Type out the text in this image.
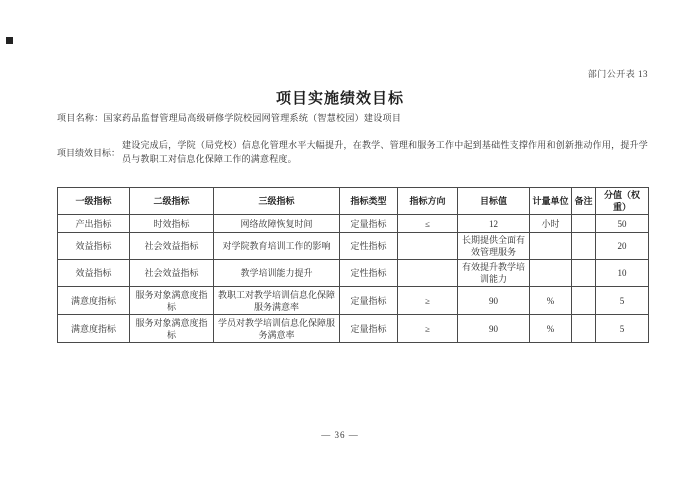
部门公开表 13
项目实施绩效目标
项目名称：国家药品监督管理局高级研修学院校园网管理系统（智慧校园）建设项目
项目绩效目标：
建设完成后，学院（局党校）信息化管理水平大幅提升，在教学、管理和服务工作中起到基础性支撑作用和创新推动作用，提升学员与教职工对信息化保障工作的满意程度。
一级指标	二级指标	三级指标	指标类型	指标方向	目标值	计量单位	备注	分值（权重）
产出指标	时效指标	网络故障恢复时间	定量指标	≤	12	小时		50
效益指标	社会效益指标	对学院教育培训工作的影响	定性指标		长期提供全面有效管理服务			20
效益指标	社会效益指标	教学培训能力提升	定性指标		有效提升教学培训能力			10
满意度指标	服务对象满意度指标	教职工对教学培训信息化保障服务满意率	定量指标	≥	90	%		5
满意度指标	服务对象满意度指标	学员对教学培训信息化保障服务满意率	定量指标	≥	90	%		5
— 36 —
